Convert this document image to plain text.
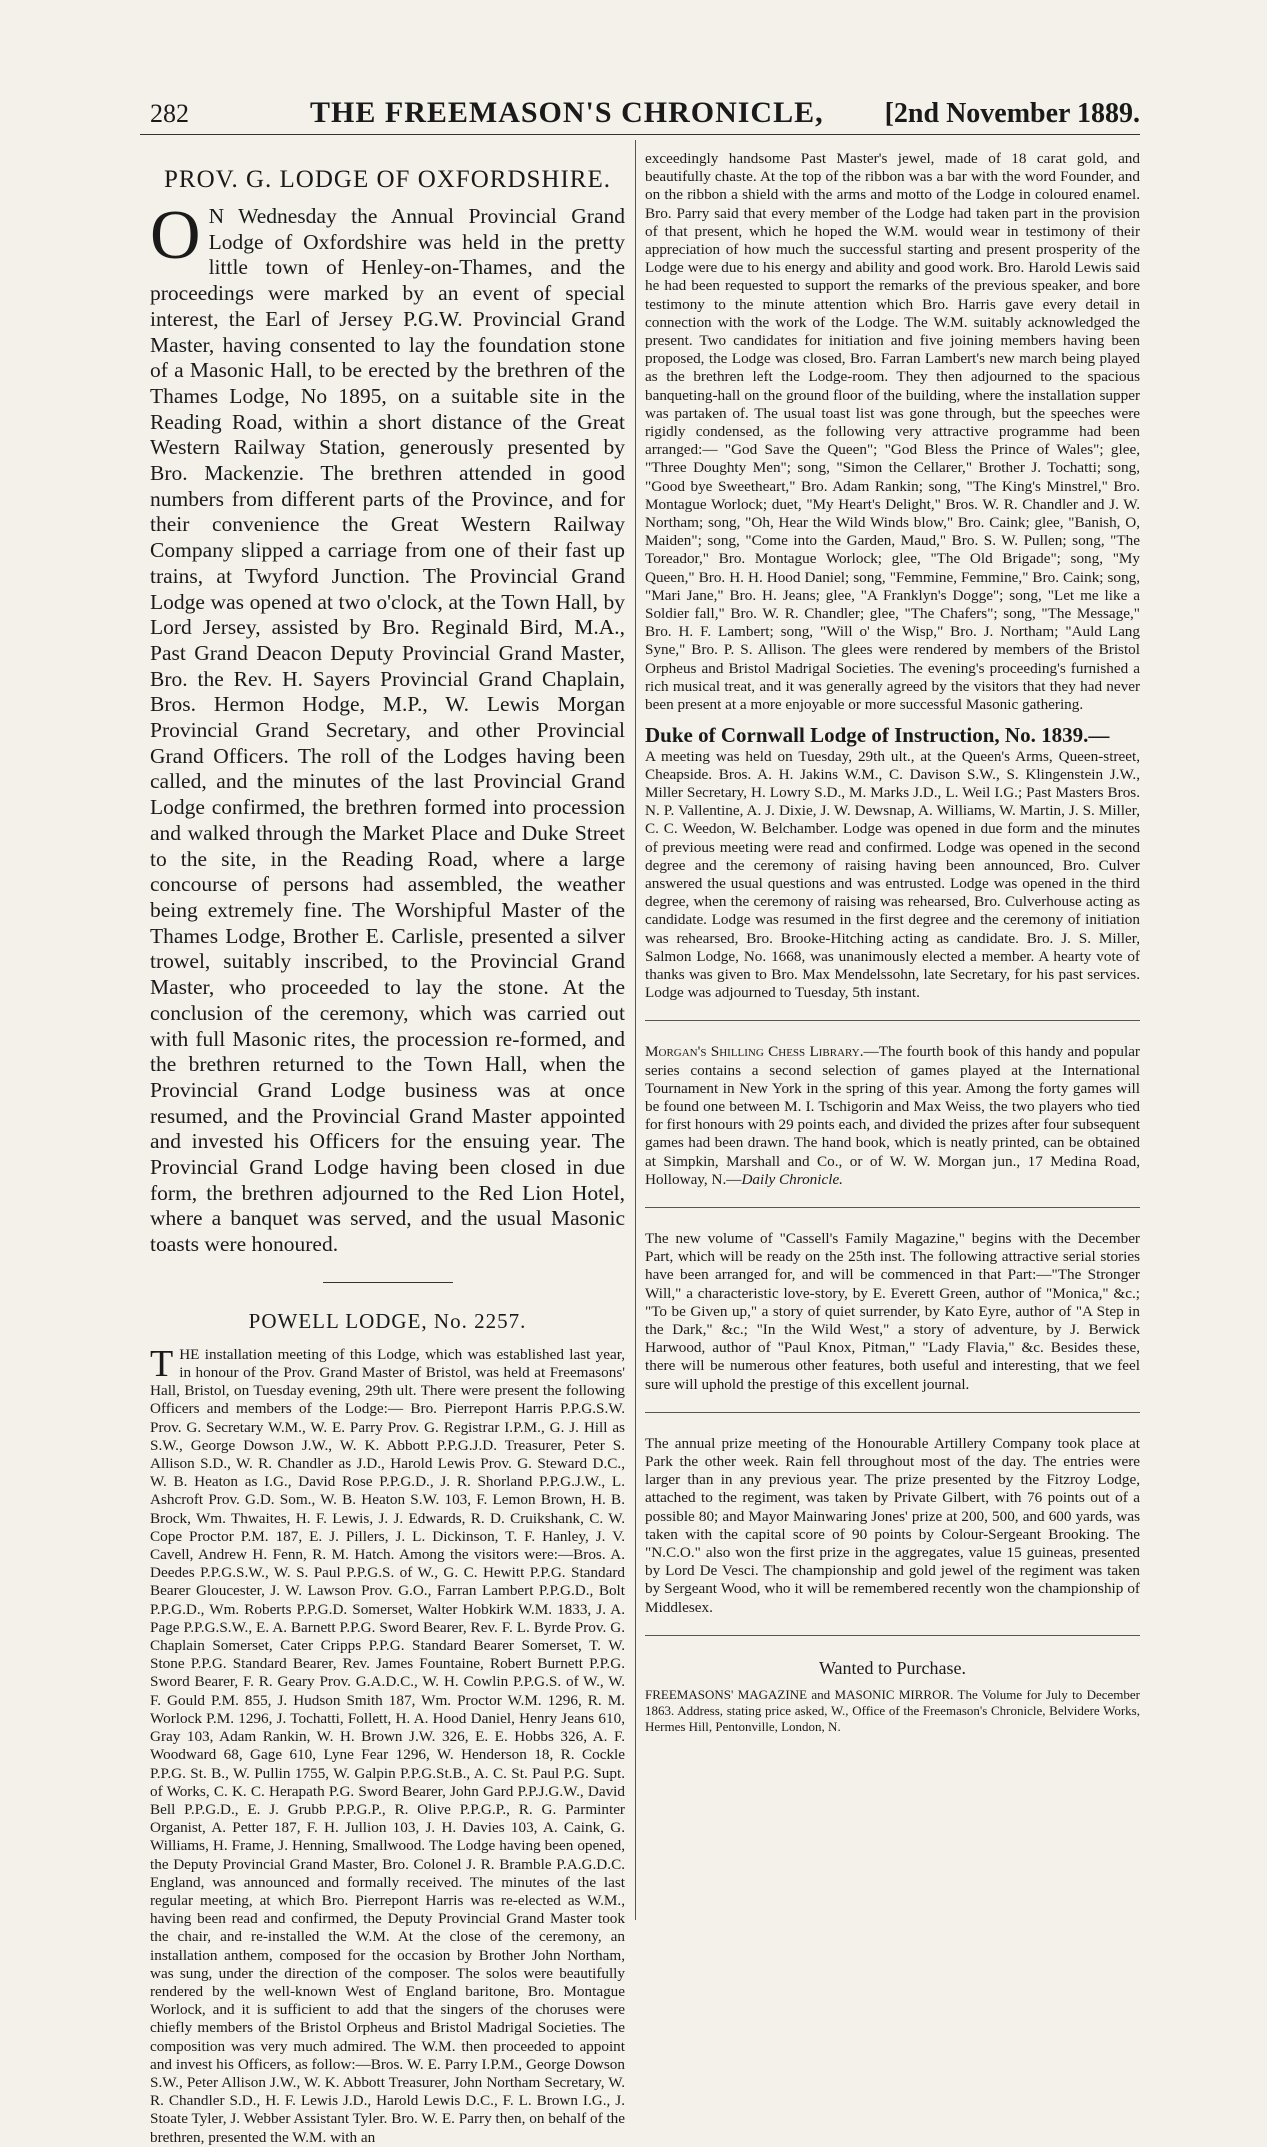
282	THE FREEMASON'S CHRONICLE, [2nd November 1889.
PROV. G. LODGE OF OXFORDSHIRE.

O N Wednesday the Annual Provincial Grand Lodge of Oxfordshire was held in the pretty little town of Henley-on-Thames, and the proceedings were marked by an event of special interest, the Earl of Jersey P.G.W. Provincial Grand Master, having consented to lay the foundation stone of a Masonic Hall, to be erected by the brethren of the Thames Lodge, No 1895, on a suitable site in the Reading Road, within a short distance of the Great Western Railway Station, generously presented by Bro. Mackenzie. The brethren attended in good numbers from different parts of the Province, and for their convenience the Great Western Railway Company slipped a carriage from one of their fast up trains, at Twyford Junction. The Provincial Grand Lodge was opened at two o'clock, at the Town Hall, by Lord Jersey, assisted by Bro. Reginald Bird, M.A., Past Grand Deacon Deputy Provincial Grand Master, Bro. the Rev. H. Sayers Provincial Grand Chaplain, Bros. Hermon Hodge, M.P., W. Lewis Morgan Provincial Grand Secretary, and other Provincial Grand Officers. The roll of the Lodges having been called, and the minutes of the last Provincial Grand Lodge confirmed, the brethren formed into procession and walked through the Market Place and Duke Street to the site, in the Reading Road, where a large concourse of persons had assembled, the weather being extremely fine. The Worshipful Master of the Thames Lodge, Brother E. Carlisle, presented a silver trowel, suitably inscribed, to the Provincial Grand Master, who proceeded to lay the stone. At the conclusion of the ceremony, which was carried out with full Masonic rites, the procession re-formed, and the brethren returned to the Town Hall, when the Provincial Grand Lodge business was at once resumed, and the Provincial Grand Master appointed and invested his Officers for the ensuing year. The Provincial Grand Lodge having been closed in due form, the brethren adjourned to the Red Lion Hotel, where a banquet was served, and the usual Masonic toasts were honoured.

POWELL LODGE, No. 2257.

THE installation meeting of this Lodge, which was established last year, in honour of the Prov. Grand Master of Bristol, was held at Freemasons' Hall, Bristol, on Tuesday evening, 29th ult. There were present the following Officers and members of the Lodge:— Bro. Pierrepont Harris P.P.G.S.W. Prov. G. Secretary W.M., W. E. Parry Prov. G. Registrar I.P.M., G. J. Hill as S.W., George Dowson J.W., W. K. Abbott P.P.G.J.D. Treasurer, Peter S. Allison S.D., W. R. Chandler as J.D., Harold Lewis Prov. G. Steward D.C., W. B. Heaton as I.G., David Rose P.P.G.D., J. R. Shorland P.P.G.J.W., L. Ashcroft Prov. G.D. Som., W. B. Heaton S.W. 103, F. Lemon Brown, H. B. Brock, Wm. Thwaites, H. F. Lewis, J. J. Edwards, R. D. Cruikshank, C. W. Cope Proctor P.M. 187, E. J. Pillers, J. L. Dickinson, T. F. Hanley, J. V. Cavell, Andrew H. Fenn, R. M. Hatch. Among the visitors were:—Bros. A. Deedes P.P.G.S.W., W. S. Paul P.P.G.S. of W., G. C. Hewitt P.P.G. Standard Bearer Gloucester, J. W. Lawson Prov. G.O., Farran Lambert P.P.G.D., Bolt P.P.G.D., Wm. Roberts P.P.G.D. Somerset, Walter Hobkirk W.M. 1833, J. A. Page P.P.G.S.W., E. A. Barnett P.P.G. Sword Bearer, Rev. F. L. Byrde Prov. G. Chaplain Somerset, Cater Cripps P.P.G. Standard Bearer Somerset, T. W. Stone P.P.G. Standard Bearer, Rev. James Fountaine, Robert Burnett P.P.G. Sword Bearer, F. R. Geary Prov. G.A.D.C., W. H. Cowlin P.P.G.S. of W., W. F. Gould P.M. 855, J. Hudson Smith 187, Wm. Proctor W.M. 1296, R. M. Worlock P.M. 1296, J. Tochatti, Follett, H. A. Hood Daniel, Henry Jeans 610, Gray 103, Adam Rankin, W. H. Brown J.W. 326, E. E. Hobbs 326, A. F. Woodward 68, Gage 610, Lyne Fear 1296, W. Henderson 18, R. Cockle P.P.G. St. B., W. Pullin 1755, W. Galpin P.P.G.St.B., A. C. St. Paul P.G. Supt. of Works, C. K. C. Herapath P.G. Sword Bearer, John Gard P.P.J.G.W., David Bell P.P.G.D., E. J. Grubb P.P.G.P., R. Olive P.P.G.P., R. G. Parminter Organist, A. Petter 187, F. H. Jullion 103, J. H. Davies 103, A. Caink, G. Williams, H. Frame, J. Henning, Smallwood. The Lodge having been opened, the Deputy Provincial Grand Master, Bro. Colonel J. R. Bramble P.A.G.D.C. England, was announced and formally received. The minutes of the last regular meeting, at which Bro. Pierrepont Harris was re-elected as W.M., having been read and confirmed, the Deputy Provincial Grand Master took the chair, and re-installed the W.M. At the close of the ceremony, an installation anthem, composed for the occasion by Brother John Northam, was sung, under the direction of the composer. The solos were beautifully rendered by the well-known West of England baritone, Bro. Montague Worlock, and it is sufficient to add that the singers of the choruses were chiefly members of the Bristol Orpheus and Bristol Madrigal Societies. The composition was very much admired. The W.M. then proceeded to appoint and invest his Officers, as follow:—Bros. W. E. Parry I.P.M., George Dowson S.W., Peter Allison J.W., W. K. Abbott Treasurer, John Northam Secretary, W. R. Chandler S.D., H. F. Lewis J.D., Harold Lewis D.C., F. L. Brown I.G., J. Stoate Tyler, J. Webber Assistant Tyler. Bro. W. E. Parry then, on behalf of the brethren, presented the W.M. with an

exceedingly handsome Past Master's jewel, made of 18 carat gold, and beautifully chaste. At the top of the ribbon was a bar with the word Founder, and on the ribbon a shield with the arms and motto of the Lodge in coloured enamel. Bro. Parry said that every member of the Lodge had taken part in the provision of that present, which he hoped the W.M. would wear in testimony of their appreciation of how much the successful starting and present prosperity of the Lodge were due to his energy and ability and good work. Bro. Harold Lewis said he had been requested to support the remarks of the previous speaker, and bore testimony to the minute attention which Bro. Harris gave every detail in connection with the work of the Lodge. The W.M. suitably acknowledged the present. Two candidates for initiation and five joining members having been proposed, the Lodge was closed, Bro. Farran Lambert's new march being played as the brethren left the Lodge-room. They then adjourned to the spacious banqueting-hall on the ground floor of the building, where the installation supper was partaken of. The usual toast list was gone through, but the speeches were rigidly condensed, as the following very attractive programme had been arranged:— "God Save the Queen"; "God Bless the Prince of Wales"; glee, "Three Doughty Men"; song, "Simon the Cellarer," Brother J. Tochatti; song, "Good bye Sweetheart," Bro. Adam Rankin; song, "The King's Minstrel," Bro. Montague Worlock; duet, "My Heart's Delight," Bros. W. R. Chandler and J. W. Northam; song, "Oh, Hear the Wild Winds blow," Bro. Caink; glee, "Banish, O, Maiden"; song, "Come into the Garden, Maud," Bro. S. W. Pullen; song, "The Toreador," Bro. Montague Worlock; glee, "The Old Brigade"; song, "My Queen," Bro. H. H. Hood Daniel; song, "Femmine, Femmine," Bro. Caink; song, "Mari Jane," Bro. H. Jeans; glee, "A Franklyn's Dogge"; song, "Let me like a Soldier fall," Bro. W. R. Chandler; glee, "The Chafers"; song, "The Message," Bro. H. F. Lambert; song, "Will o' the Wisp," Bro. J. Northam; "Auld Lang Syne," Bro. P. S. Allison. The glees were rendered by members of the Bristol Orpheus and Bristol Madrigal Societies. The evening's proceeding's furnished a rich musical treat, and it was generally agreed by the visitors that they had never been present at a more enjoyable or more successful Masonic gathering.

Duke of Cornwall Lodge of Instruction, No. 1839.—
A meeting was held on Tuesday, 29th ult., at the Queen's Arms, Queen-street, Cheapside. Bros. A. H. Jakins W.M., C. Davison S.W., S. Klingenstein J.W., Miller Secretary, H. Lowry S.D., M. Marks J.D., L. Weil I.G.; Past Masters Bros. N. P. Vallentine, A. J. Dixie, J. W. Dewsnap, A. Williams, W. Martin, J. S. Miller, C. C. Weedon, W. Belchamber. Lodge was opened in due form and the minutes of previous meeting were read and confirmed. Lodge was opened in the second degree and the ceremony of raising having been announced, Bro. Culver answered the usual questions and was entrusted. Lodge was opened in the third degree, when the ceremony of raising was rehearsed, Bro. Culverhouse acting as candidate. Lodge was resumed in the first degree and the ceremony of initiation was rehearsed, Bro. Brooke-Hitching acting as candidate. Bro. J. S. Miller, Salmon Lodge, No. 1668, was unanimously elected a member. A hearty vote of thanks was given to Bro. Max Mendelssohn, late Secretary, for his past services. Lodge was adjourned to Tuesday, 5th instant.

Morgan's Shilling Chess Library.—The fourth book of this handy and popular series contains a second selection of games played at the International Tournament in New York in the spring of this year. Among the forty games will be found one between M. I. Tschigorin and Max Weiss, the two players who tied for first honours with 29 points each, and divided the prizes after four subsequent games had been drawn. The hand book, which is neatly printed, can be obtained at Simpkin, Marshall and Co., or of W. W. Morgan jun., 17 Medina Road, Holloway, N.—Daily Chronicle.

The new volume of "Cassell's Family Magazine," begins with the December Part, which will be ready on the 25th inst. The following attractive serial stories have been arranged for, and will be commenced in that Part:—"The Stronger Will," a characteristic love-story, by E. Everett Green, author of "Monica," &c.; "To be Given up," a story of quiet surrender, by Kato Eyre, author of "A Step in the Dark," &c.; "In the Wild West," a story of adventure, by J. Berwick Harwood, author of "Paul Knox, Pitman," "Lady Flavia," &c. Besides these, there will be numerous other features, both useful and interesting, that we feel sure will uphold the prestige of this excellent journal.

The annual prize meeting of the Honourable Artillery Company took place at Park the other week. Rain fell throughout most of the day. The entries were larger than in any previous year. The prize presented by the Fitzroy Lodge, attached to the regiment, was taken by Private Gilbert, with 76 points out of a possible 80; and Mayor Mainwaring Jones' prize at 200, 500, and 600 yards, was taken with the capital score of 90 points by Colour-Sergeant Brooking. The "N.C.O." also won the first prize in the aggregates, value 15 guineas, presented by Lord De Vesci. The championship and gold jewel of the regiment was taken by Sergeant Wood, who it will be remembered recently won the championship of Middlesex.

Wanted to Purchase.

FREEMASONS' MAGAZINE and MASONIC MIRROR. The Volume for July to December 1863. Address, stating price asked, W., Office of the Freemason's Chronicle, Belvidere Works, Hermes Hill, Pentonville, London, N.
